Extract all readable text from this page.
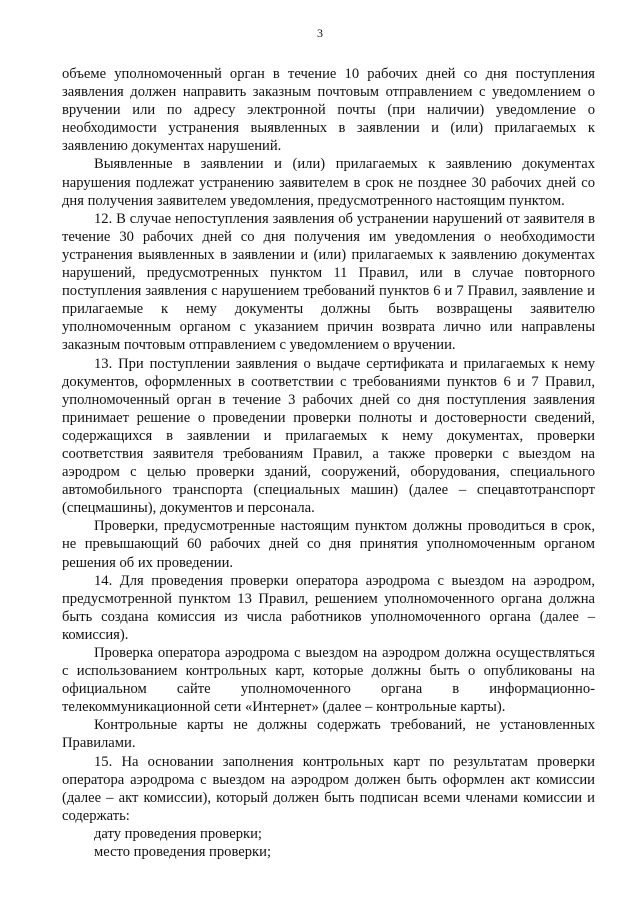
3

объеме уполномоченный орган в течение 10 рабочих дней со дня поступления заявления должен направить заказным почтовым отправлением с уведомлением о вручении или по адресу электронной почты (при наличии) уведомление о необходимости устранения выявленных в заявлении и (или) прилагаемых к заявлению документах нарушений.

Выявленные в заявлении и (или) прилагаемых к заявлению документах нарушения подлежат устранению заявителем в срок не позднее 30 рабочих дней со дня получения заявителем уведомления, предусмотренного настоящим пунктом.

12. В случае непоступления заявления об устранении нарушений от заявителя в течение 30 рабочих дней со дня получения им уведомления о необходимости устранения выявленных в заявлении и (или) прилагаемых к заявлению документах нарушений, предусмотренных пунктом 11 Правил, или в случае повторного поступления заявления с нарушением требований пунктов 6 и 7 Правил, заявление и прилагаемые к нему документы должны быть возвращены заявителю уполномоченным органом с указанием причин возврата лично или направлены заказным почтовым отправлением с уведомлением о вручении.

13. При поступлении заявления о выдаче сертификата и прилагаемых к нему документов, оформленных в соответствии с требованиями пунктов 6 и 7 Правил, уполномоченный орган в течение 3 рабочих дней со дня поступления заявления принимает решение о проведении проверки полноты и достоверности сведений, содержащихся в заявлении и прилагаемых к нему документах, проверки соответствия заявителя требованиям Правил, а также проверки с выездом на аэродром с целью проверки зданий, сооружений, оборудования, специального автомобильного транспорта (специальных машин) (далее – спецавтотранспорт (спецмашины), документов и персонала.

Проверки, предусмотренные настоящим пунктом должны проводиться в срок, не превышающий 60 рабочих дней со дня принятия уполномоченным органом решения об их проведении.

14. Для проведения проверки оператора аэродрома с выездом на аэродром, предусмотренной пунктом 13 Правил, решением уполномоченного органа должна быть создана комиссия из числа работников уполномоченного органа (далее – комиссия).

Проверка оператора аэродрома с выездом на аэродром должна осуществляться с использованием контрольных карт, которые должны быть о опубликованы на официальном сайте уполномоченного органа в информационно-телекоммуникационной сети «Интернет» (далее – контрольные карты).

Контрольные карты не должны содержать требований, не установленных Правилами.

15. На основании заполнения контрольных карт по результатам проверки оператора аэродрома с выездом на аэродром должен быть оформлен акт комиссии (далее – акт комиссии), который должен быть подписан всеми членами комиссии и содержать:

дату проведения проверки;

место проведения проверки;
